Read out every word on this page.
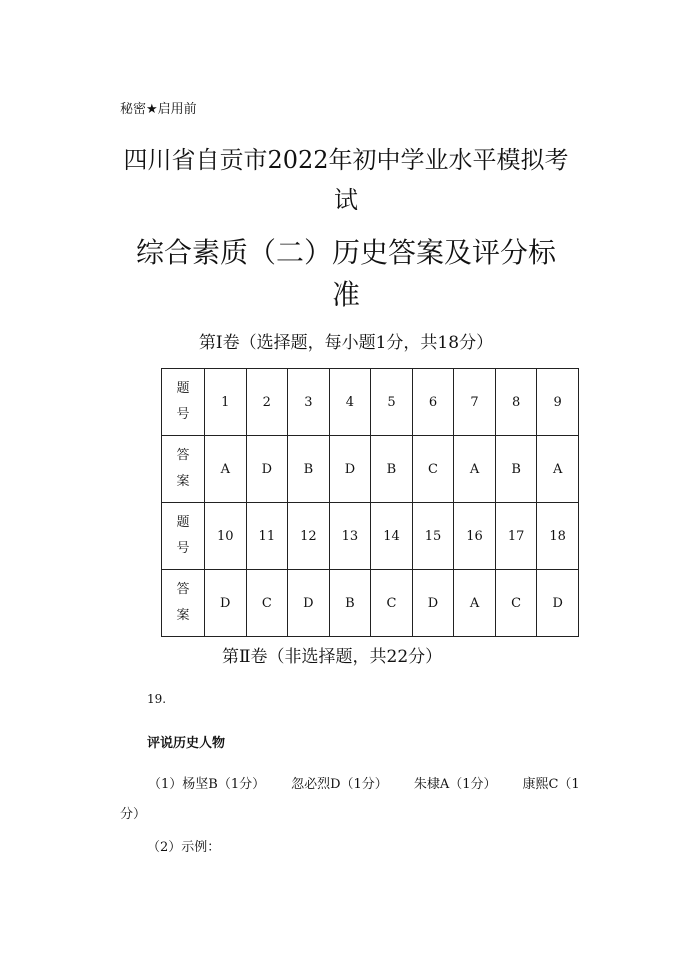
秘密★启用前
四川省自贡市2022年初中学业水平模拟考
试
综合素质（二）历史答案及评分标
准
第Ⅰ卷（选择题，每小题1分，共18分）
题
号	1	2	3	4	5	6	7	8	9
答
案	A	D	B	D	B	C	A	B	A
题
号	10	11	12	13	14	15	16	17	18
答
案	D	C	D	B	C	D	A	C	D
第Ⅱ卷（非选择题，共22分）
19.
评说历史人物
（1）杨坚B（1分） 忽必烈D（1分） 朱棣A（1分） 康熙C（1分）
（2）示例：
